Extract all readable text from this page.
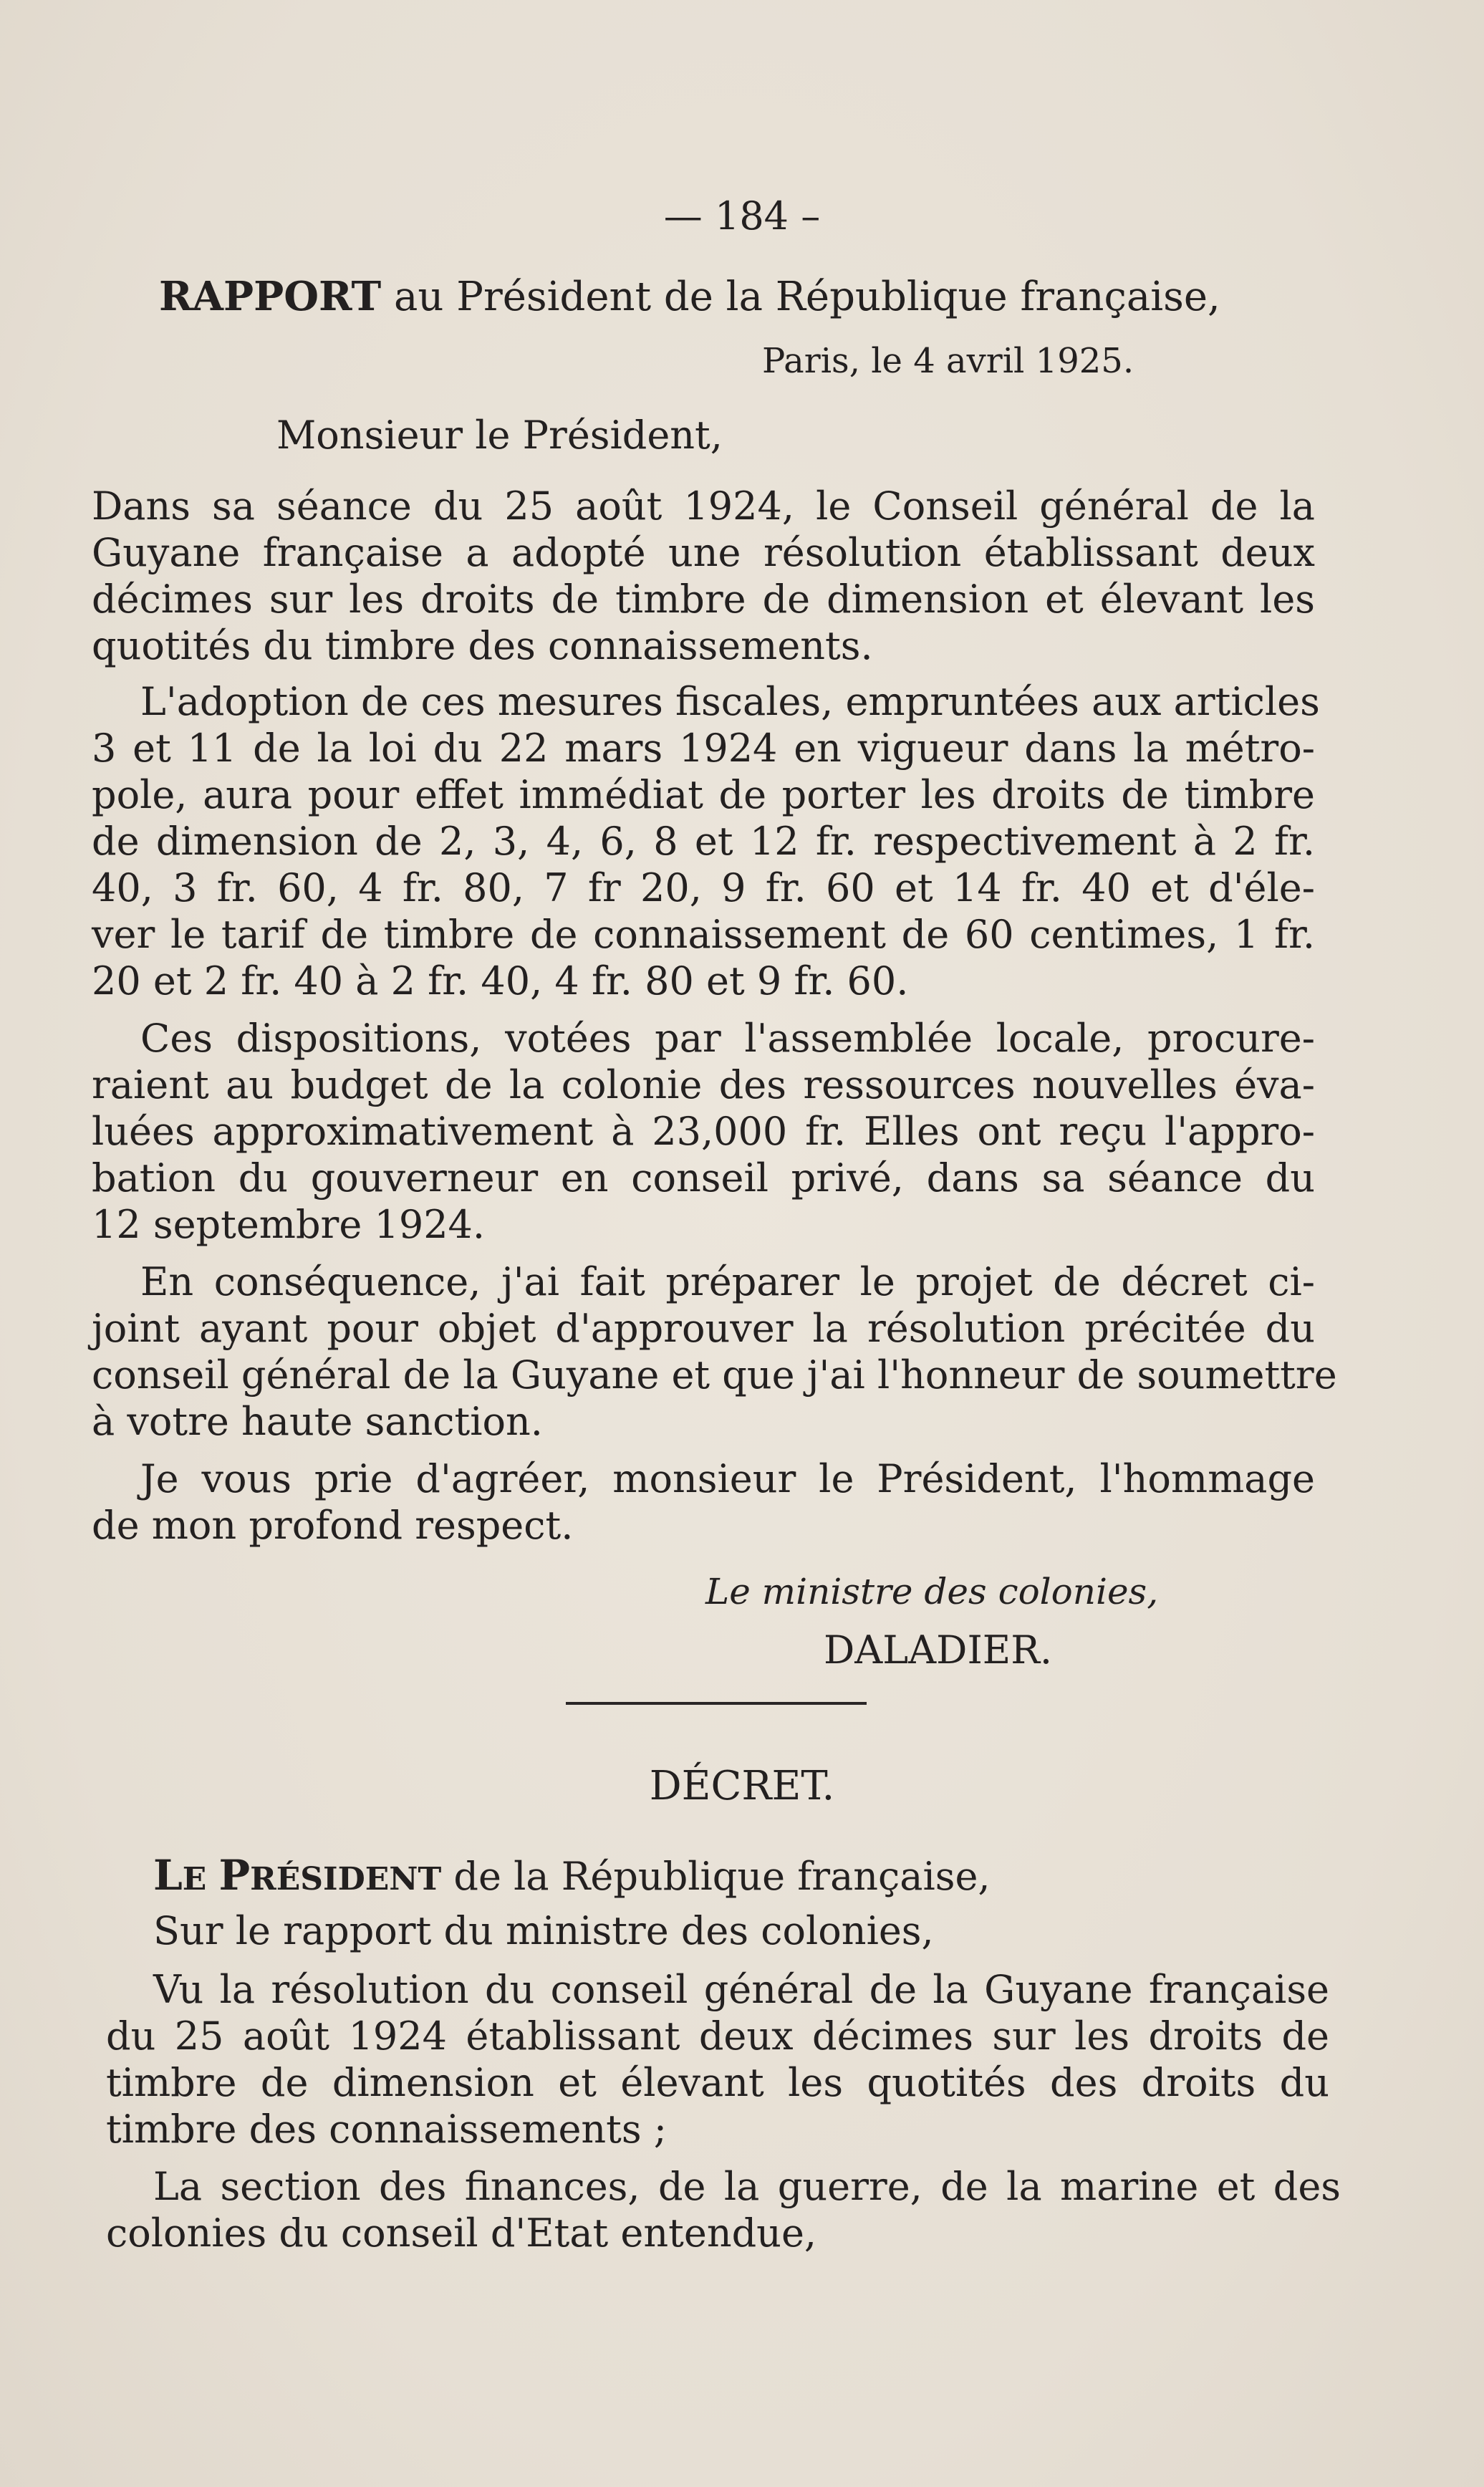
— 184 –
RAPPORT au Président de la République française,
Paris, le 4 avril 1925.
Monsieur le Président,
Dans sa séance du 25 août 1924, le Conseil général de la
Guyane française a adopté une résolution établissant deux
décimes sur les droits de timbre de dimension et élevant les
quotités du timbre des connaissements.
L'adoption de ces mesures fiscales, empruntées aux articles
3 et 11 de la loi du 22 mars 1924 en vigueur dans la métro-
pole, aura pour effet immédiat de porter les droits de timbre
de dimension de 2, 3, 4, 6, 8 et 12 fr. respectivement à 2 fr.
40, 3 fr. 60, 4 fr. 80, 7 fr 20, 9 fr. 60 et 14 fr. 40 et d'éle-
ver le tarif de timbre de connaissement de 60 centimes, 1 fr.
20 et 2 fr. 40 à 2 fr. 40, 4 fr. 80 et 9 fr. 60.
Ces dispositions, votées par l'assemblée locale, procure-
raient au budget de la colonie des ressources nouvelles éva-
luées approximativement à 23,000 fr. Elles ont reçu l'appro-
bation du gouverneur en conseil privé, dans sa séance du
12 septembre 1924.
En conséquence, j'ai fait préparer le projet de décret ci-
joint ayant pour objet d'approuver la résolution précitée du
conseil général de la Guyane et que j'ai l'honneur de soumettre
à votre haute sanction.
Je vous prie d'agréer, monsieur le Président, l'hommage
de mon profond respect.
Le ministre des colonies,
DALADIER.
DÉCRET.
LE PRÉSIDENT de la République française,
Sur le rapport du ministre des colonies,
Vu la résolution du conseil général de la Guyane française
du 25 août 1924 établissant deux décimes sur les droits de
timbre de dimension et élevant les quotités des droits du
timbre des connaissements ;
La section des finances, de la guerre, de la marine et des
colonies du conseil d'Etat entendue,
